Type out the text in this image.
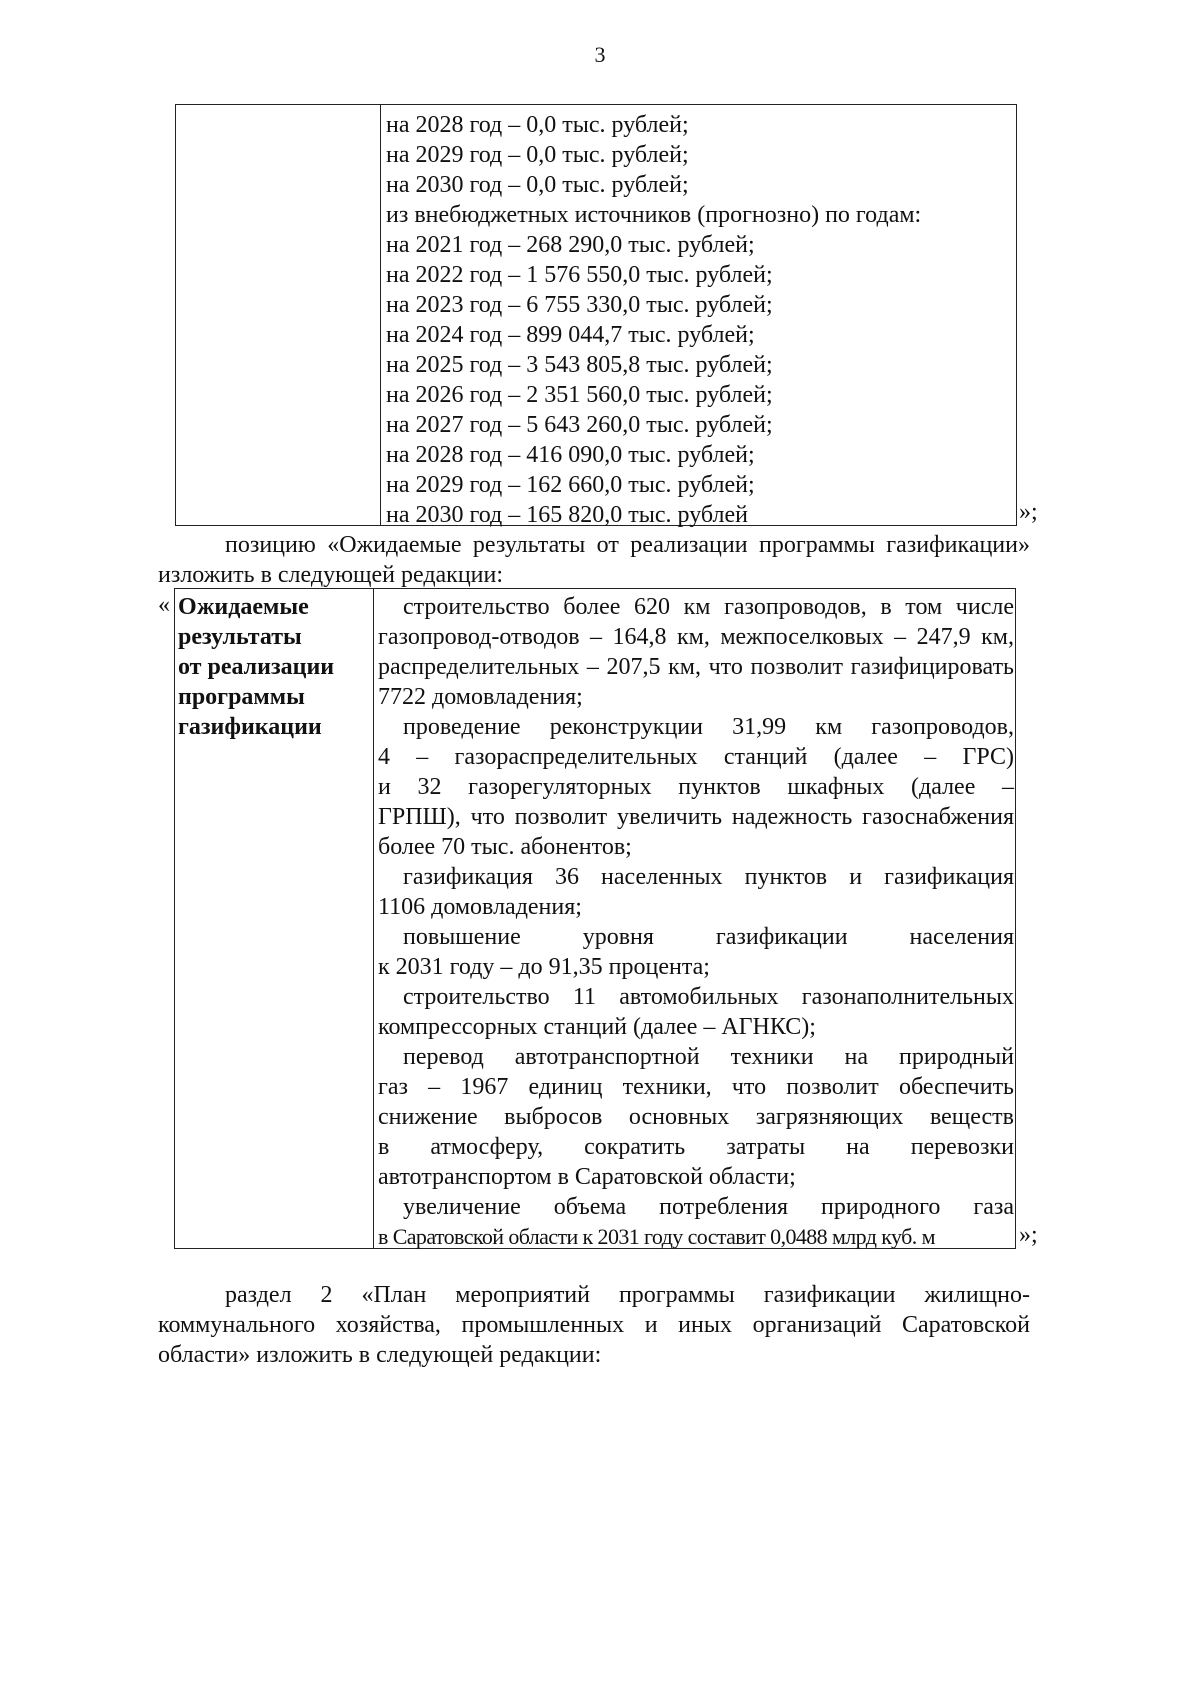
3
на 2028 год – 0,0 тыс. рублей;
на 2029 год – 0,0 тыс. рублей;
на 2030 год – 0,0 тыс. рублей;
из внебюджетных источников (прогнозно) по годам:
на 2021 год – 268 290,0 тыс. рублей;
на 2022 год – 1 576 550,0 тыс. рублей;
на 2023 год – 6 755 330,0 тыс. рублей;
на 2024 год – 899 044,7 тыс. рублей;
на 2025 год – 3 543 805,8 тыс. рублей;
на 2026 год – 2 351 560,0 тыс. рублей;
на 2027 год – 5 643 260,0 тыс. рублей;
на 2028 год – 416 090,0 тыс. рублей;
на 2029 год – 162 660,0 тыс. рублей;
на 2030 год – 165 820,0 тыс. рублей	»;
позицию «Ожидаемые результаты от реализации программы газификации»
изложить в следующей редакции:
« Ожидаемые
результаты
от реализации
программы
газификации
строительство более 620 км газопроводов, в том числе
газопровод-отводов – 164,8 км, межпоселковых – 247,9 км,
распределительных – 207,5 км, что позволит газифицировать
7722 домовладения;
проведение реконструкции 31,99 км газопроводов,
4 – газораспределительных станций (далее – ГРС)
и 32 газорегуляторных пунктов шкафных (далее –
ГРПШ), что позволит увеличить надежность газоснабжения
более 70 тыс. абонентов;
газификация 36 населенных пунктов и газификация
1106 домовладения;
повышение уровня газификации населения
к 2031 году – до 91,35 процента;
строительство 11 автомобильных газонаполнительных
компрессорных станций (далее – АГНКС);
перевод автотранспортной техники на природный
газ – 1967 единиц техники, что позволит обеспечить
снижение выбросов основных загрязняющих веществ
в атмосферу, сократить затраты на перевозки
автотранспортом в Саратовской области;
увеличение объема потребления природного газа
в Саратовской области к 2031 году составит 0,0488 млрд куб. м	»;
раздел 2 «План мероприятий программы газификации жилищно-
коммунального хозяйства, промышленных и иных организаций Саратовской
области» изложить в следующей редакции:
